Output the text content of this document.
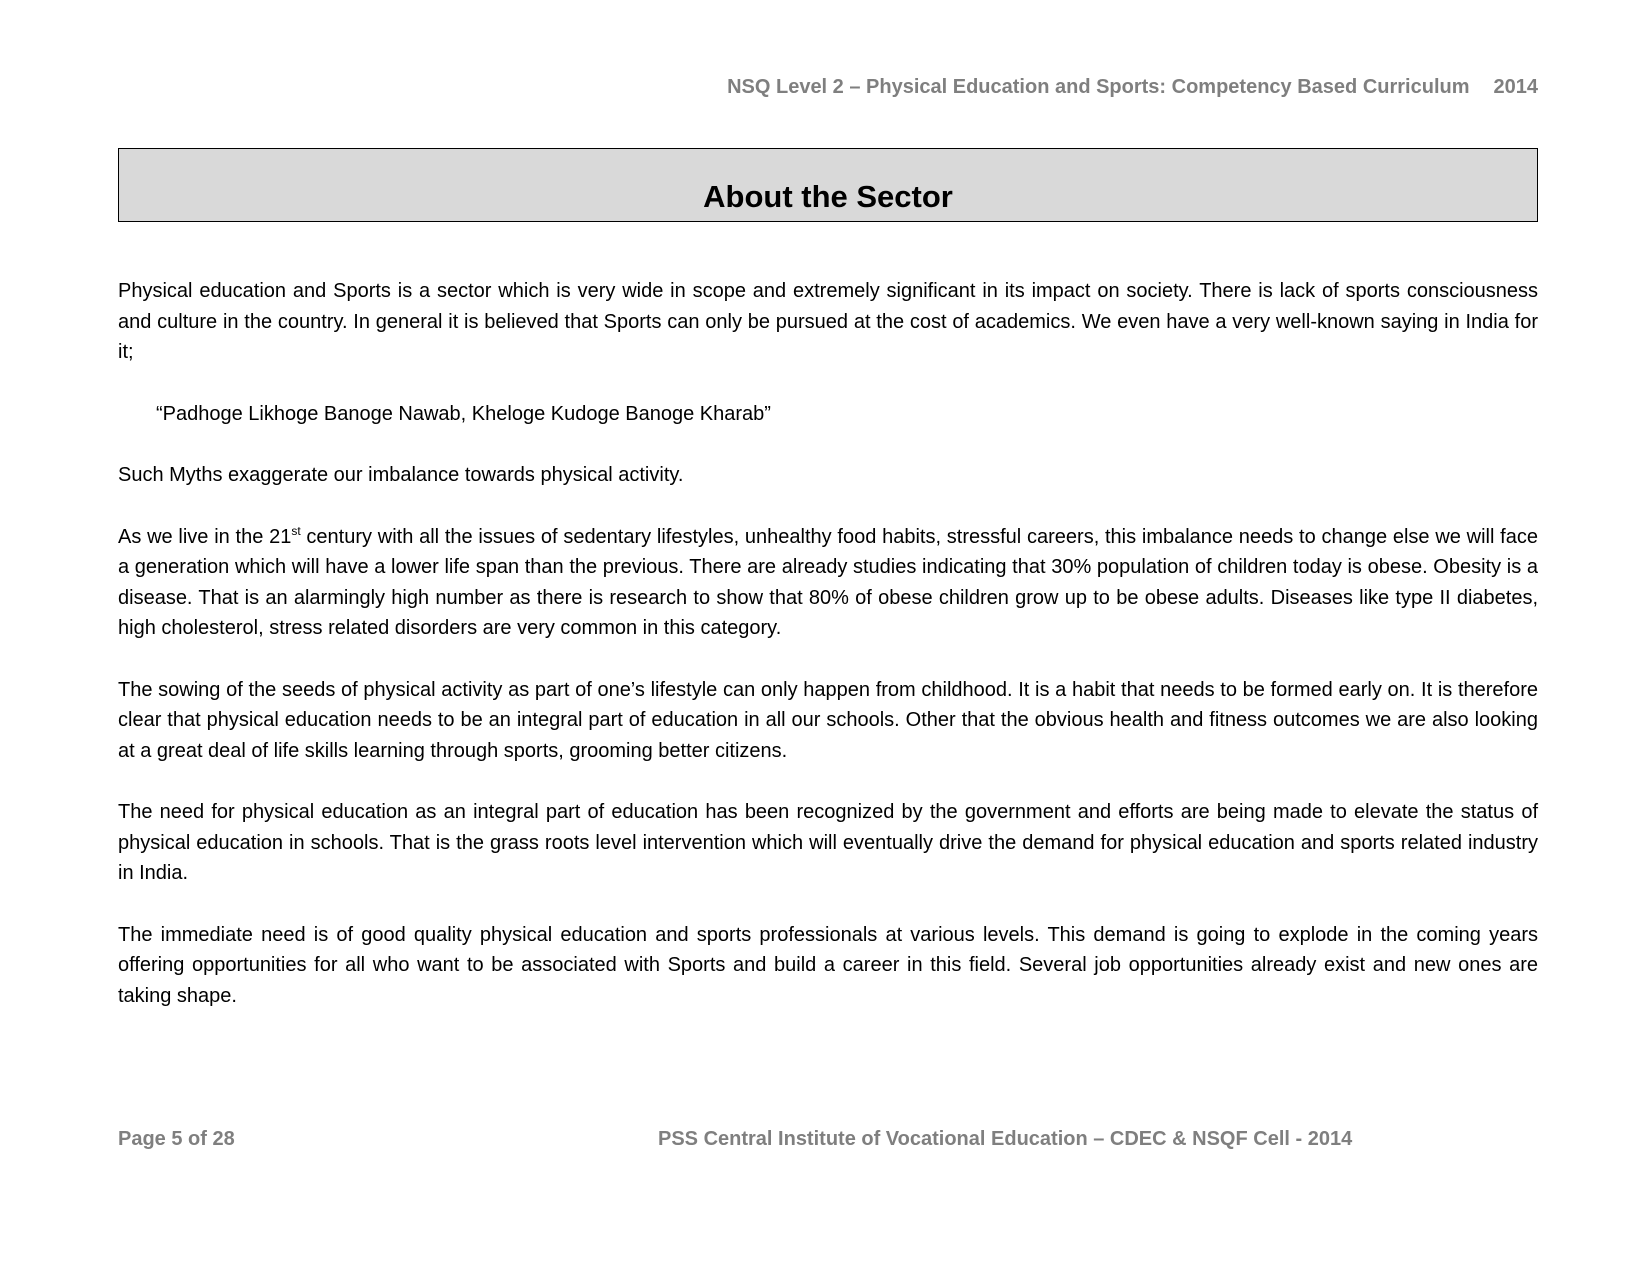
NSQ Level 2 – Physical Education and Sports: Competency Based Curriculum 2014
About the Sector

Physical education and Sports is a sector which is very wide in scope and extremely significant in its impact on society. There is lack of sports consciousness and culture in the country. In general it is believed that Sports can only be pursued at the cost of academics. We even have a very well-known saying in India for it;

“Padhoge Likhoge Banoge Nawab, Kheloge Kudoge Banoge Kharab”

Such Myths exaggerate our imbalance towards physical activity.

As we live in the 21st century with all the issues of sedentary lifestyles, unhealthy food habits, stressful careers, this imbalance needs to change else we will face a generation which will have a lower life span than the previous. There are already studies indicating that 30% population of children today is obese. Obesity is a disease. That is an alarmingly high number as there is research to show that 80% of obese children grow up to be obese adults. Diseases like type II diabetes, high cholesterol, stress related disorders are very common in this category.

The sowing of the seeds of physical activity as part of one’s lifestyle can only happen from childhood. It is a habit that needs to be formed early on. It is therefore clear that physical education needs to be an integral part of education in all our schools. Other that the obvious health and fitness outcomes we are also looking at a great deal of life skills learning through sports, grooming better citizens.

The need for physical education as an integral part of education has been recognized by the government and efforts are being made to elevate the status of physical education in schools. That is the grass roots level intervention which will eventually drive the demand for physical education and sports related industry in India.

The immediate need is of good quality physical education and sports professionals at various levels. This demand is going to explode in the coming years offering opportunities for all who want to be associated with Sports and build a career in this field. Several job opportunities already exist and new ones are taking shape.

Page 5 of 28	PSS Central Institute of Vocational Education – CDEC & NSQF Cell - 2014
